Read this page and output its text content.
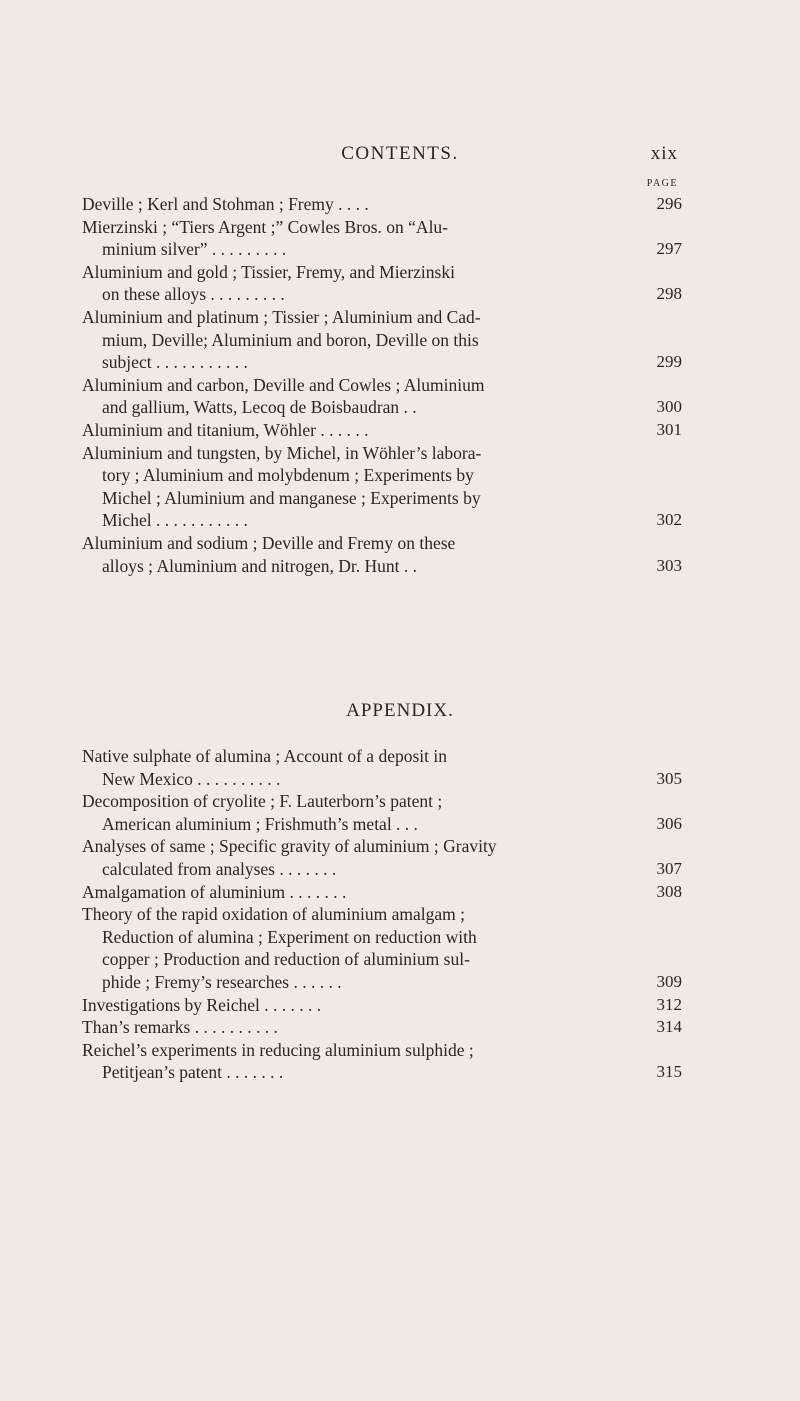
CONTENTS.	xix
PAGE
Deville ; Kerl and Stohman ; Fremy . . . .	296
Mierzinski ; “Tiers Argent ;” Cowles Bros. on “Alu-
minium silver” . . . . . . . . .	297
Aluminium and gold ; Tissier, Fremy, and Mierzinski
on these alloys . . . . . . . . .	298
Aluminium and platinum ; Tissier ; Aluminium and Cad-
mium, Deville; Aluminium and boron, Deville on this
subject . . . . . . . . . . .	299
Aluminium and carbon, Deville and Cowles ; Aluminium
and gallium, Watts, Lecoq de Boisbaudran . .	300
Aluminium and titanium, Wöhler . . . . . .	301
Aluminium and tungsten, by Michel, in Wöhler’s labora-
tory ; Aluminium and molybdenum ; Experiments by
Michel ; Aluminium and manganese ; Experiments by
Michel . . . . . . . . . . .	302
Aluminium and sodium ; Deville and Fremy on these
alloys ; Aluminium and nitrogen, Dr. Hunt . .	303
APPENDIX.
Native sulphate of alumina ; Account of a deposit in
New Mexico . . . . . . . . . .	305
Decomposition of cryolite ; F. Lauterborn’s patent ;
American aluminium ; Frishmuth’s metal . . .	306
Analyses of same ; Specific gravity of aluminium ; Gravity
calculated from analyses . . . . . . .	307
Amalgamation of aluminium . . . . . . .	308
Theory of the rapid oxidation of aluminium amalgam ;
Reduction of alumina ; Experiment on reduction with
copper ; Production and reduction of aluminium sul-
phide ; Fremy’s researches . . . . . .	309
Investigations by Reichel . . . . . . .	312
Than’s remarks . . . . . . . . . .	314
Reichel’s experiments in reducing aluminium sulphide ;
Petitjean’s patent . . . . . . .	315
